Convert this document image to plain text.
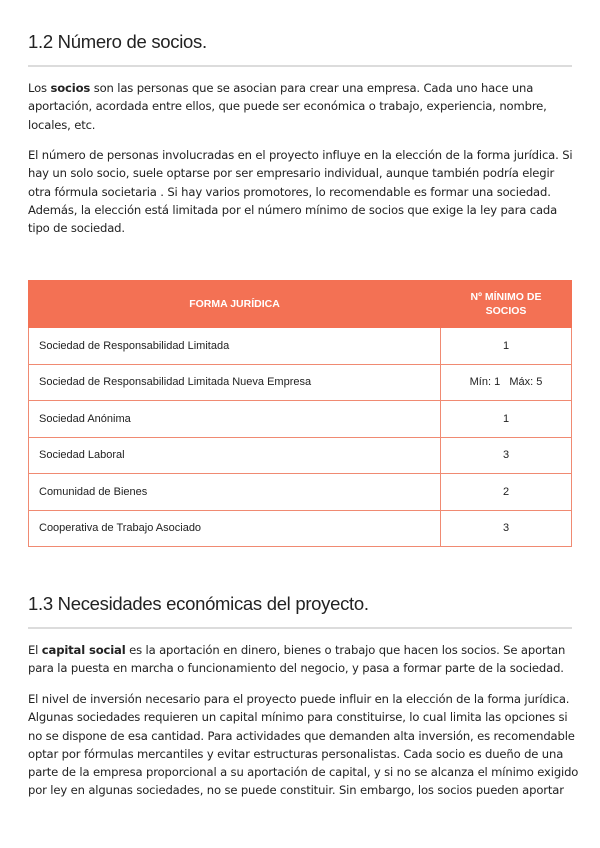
1.2 Número de socios.
Los socios son las personas que se asocian para crear una empresa. Cada uno hace una
aportación, acordada entre ellos, que puede ser económica o trabajo, experiencia, nombre,
locales, etc.
El número de personas involucradas en el proyecto influye en la elección de la forma jurídica. Si
hay un solo socio, suele optarse por ser empresario individual, aunque también podría elegir
otra fórmula societaria . Si hay varios promotores, lo recomendable es formar una sociedad.
Además, la elección está limitada por el número mínimo de socios que exige la ley para cada
tipo de sociedad.
FORMA JURÍDICA	Nº MÍNIMO DE SOCIOS
Sociedad de Responsabilidad Limitada	1
Sociedad de Responsabilidad Limitada Nueva Empresa	Mín: 1   Máx: 5
Sociedad Anónima	1
Sociedad Laboral	3
Comunidad de Bienes	2
Cooperativa de Trabajo Asociado	3
1.3 Necesidades económicas del proyecto.
El capital social es la aportación en dinero, bienes o trabajo que hacen los socios. Se aportan
para la puesta en marcha o funcionamiento del negocio, y pasa a formar parte de la sociedad.
El nivel de inversión necesario para el proyecto puede influir en la elección de la forma jurídica.
Algunas sociedades requieren un capital mínimo para constituirse, lo cual limita las opciones si
no se dispone de esa cantidad. Para actividades que demanden alta inversión, es recomendable
optar por fórmulas mercantiles y evitar estructuras personalistas. Cada socio es dueño de una
parte de la empresa proporcional a su aportación de capital, y si no se alcanza el mínimo exigido
por ley en algunas sociedades, no se puede constituir. Sin embargo, los socios pueden aportar
